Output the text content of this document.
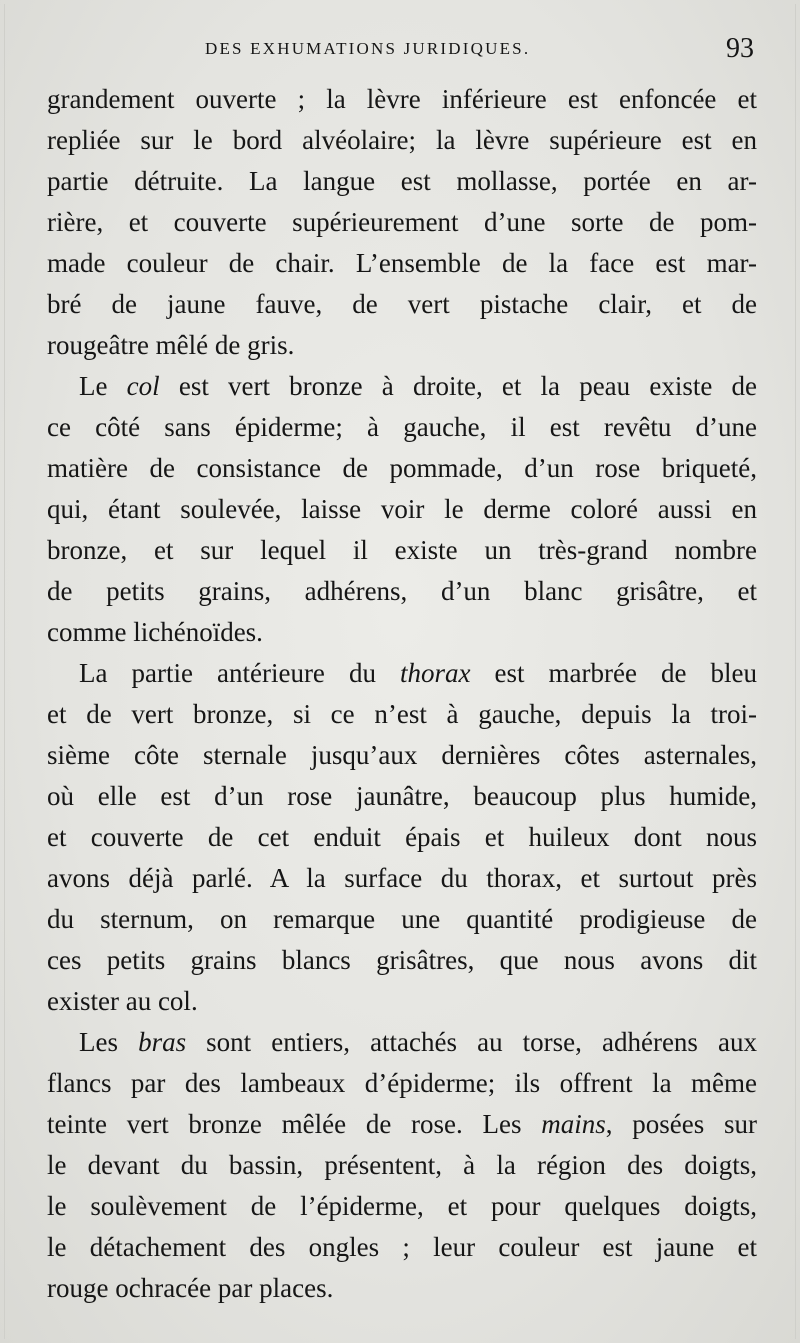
DES EXHUMATIONS JURIDIQUES.	93
grandement ouverte ; la lèvre inférieure est enfoncée et
repliée sur le bord alvéolaire; la lèvre supérieure est en
partie détruite. La langue est mollasse, portée en ar-
rière, et couverte supérieurement d’une sorte de pom-
made couleur de chair. L’ensemble de la face est mar-
bré de jaune fauve, de vert pistache clair, et de
rougeâtre mêlé de gris.
Le col est vert bronze à droite, et la peau existe de
ce côté sans épiderme; à gauche, il est revêtu d’une
matière de consistance de pommade, d’un rose briqueté,
qui, étant soulevée, laisse voir le derme coloré aussi en
bronze, et sur lequel il existe un très-grand nombre
de petits grains, adhérens, d’un blanc grisâtre, et
comme lichénoïdes.
La partie antérieure du thorax est marbrée de bleu
et de vert bronze, si ce n’est à gauche, depuis la troi-
sième côte sternale jusqu’aux dernières côtes asternales,
où elle est d’un rose jaunâtre, beaucoup plus humide,
et couverte de cet enduit épais et huileux dont nous
avons déjà parlé. A la surface du thorax, et surtout près
du sternum, on remarque une quantité prodigieuse de
ces petits grains blancs grisâtres, que nous avons dit
exister au col.
Les bras sont entiers, attachés au torse, adhérens aux
flancs par des lambeaux d’épiderme; ils offrent la même
teinte vert bronze mêlée de rose. Les mains, posées sur
le devant du bassin, présentent, à la région des doigts,
le soulèvement de l’épiderme, et pour quelques doigts,
le détachement des ongles ; leur couleur est jaune et
rouge ochracée par places.
